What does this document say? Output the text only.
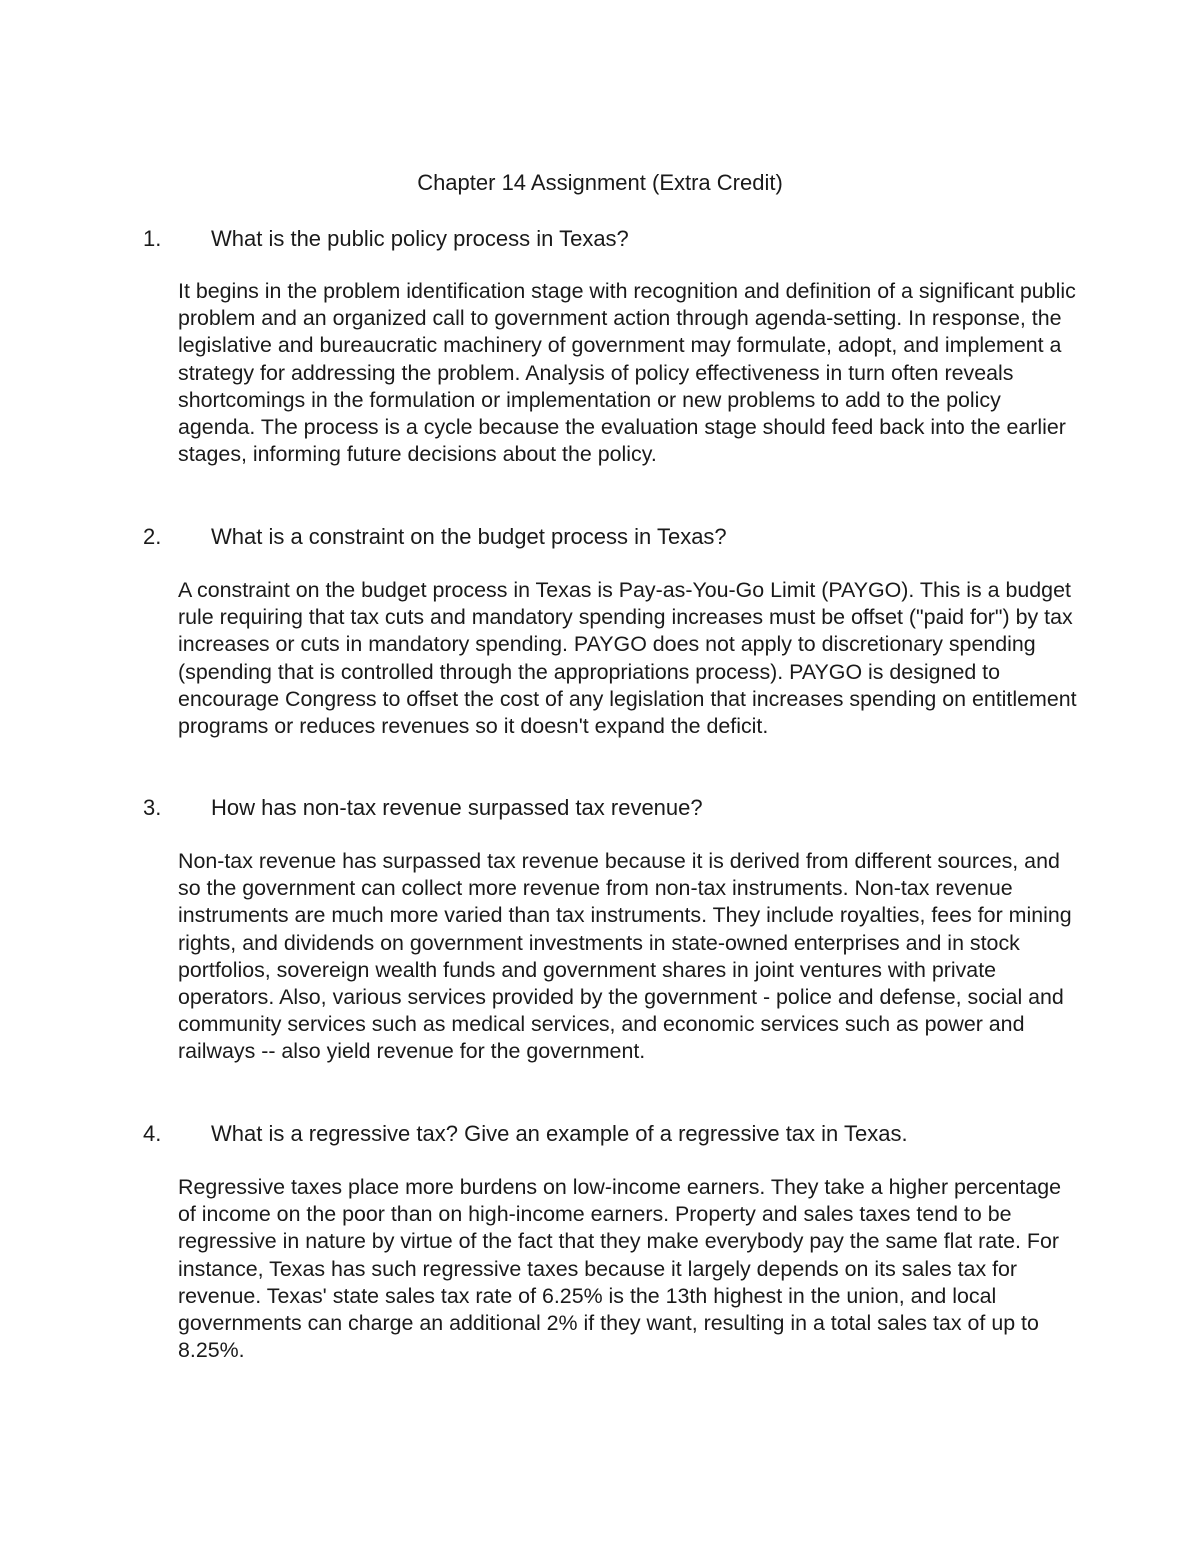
Chapter 14 Assignment (Extra Credit)
1. What is the public policy process in Texas?
It begins in the problem identification stage with recognition and definition of a significant public problem and an organized call to government action through agenda-setting. In response, the legislative and bureaucratic machinery of government may formulate, adopt, and implement a strategy for addressing the problem. Analysis of policy effectiveness in turn often reveals shortcomings in the formulation or implementation or new problems to add to the policy agenda. The process is a cycle because the evaluation stage should feed back into the earlier stages, informing future decisions about the policy.
2. What is a constraint on the budget process in Texas?
A constraint on the budget process in Texas is Pay-as-You-Go Limit (PAYGO). This is a budget rule requiring that tax cuts and mandatory spending increases must be offset ("paid for") by tax increases or cuts in mandatory spending. PAYGO does not apply to discretionary spending (spending that is controlled through the appropriations process). PAYGO is designed to encourage Congress to offset the cost of any legislation that increases spending on entitlement programs or reduces revenues so it doesn't expand the deficit.
3. How has non-tax revenue surpassed tax revenue?
Non-tax revenue has surpassed tax revenue because it is derived from different sources, and so the government can collect more revenue from non-tax instruments. Non-tax revenue instruments are much more varied than tax instruments. They include royalties, fees for mining rights, and dividends on government investments in state-owned enterprises and in stock portfolios, sovereign wealth funds and government shares in joint ventures with private operators. Also, various services provided by the government - police and defense, social and community services such as medical services, and economic services such as power and railways -- also yield revenue for the government.
4. What is a regressive tax? Give an example of a regressive tax in Texas.
Regressive taxes place more burdens on low-income earners. They take a higher percentage of income on the poor than on high-income earners. Property and sales taxes tend to be regressive in nature by virtue of the fact that they make everybody pay the same flat rate. For instance, Texas has such regressive taxes because it largely depends on its sales tax for revenue. Texas' state sales tax rate of 6.25% is the 13th highest in the union, and local governments can charge an additional 2% if they want, resulting in a total sales tax of up to 8.25%.
